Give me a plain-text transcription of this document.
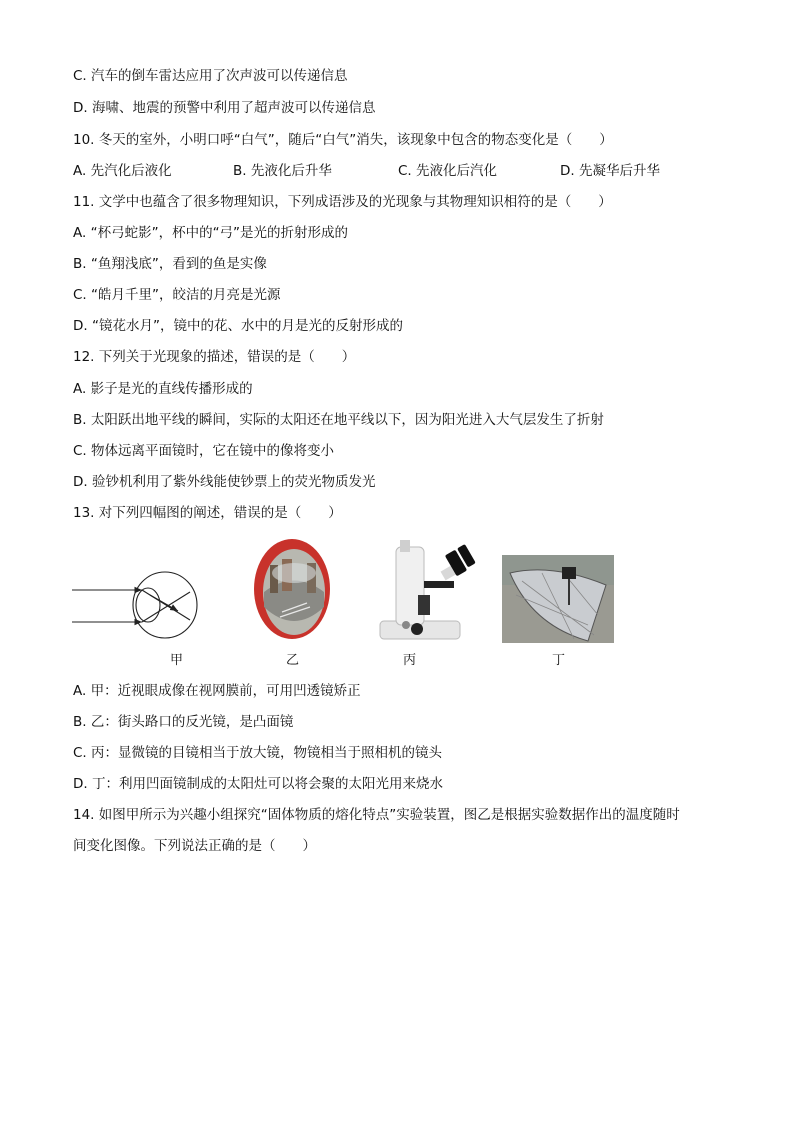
C. 汽车的倒车雷达应用了次声波可以传递信息
D. 海啸、地震的预警中利用了超声波可以传递信息
10. 冬天的室外，小明口呼“白气”，随后“白气”消失，该现象中包含的物态变化是（　　）
A. 先汽化后液化	B. 先液化后升华	C. 先液化后汽化	D. 先凝华后升华
11. 文学中也蕴含了很多物理知识，下列成语涉及的光现象与其物理知识相符的是（　　）
A. “杯弓蛇影”，杯中的“弓”是光的折射形成的
B. “鱼翔浅底”，看到的鱼是实像
C. “皓月千里”，皎洁的月亮是光源
D. “镜花水月”，镜中的花、水中的月是光的反射形成的
12. 下列关于光现象的描述，错误的是（　　）
A. 影子是光的直线传播形成的
B. 太阳跃出地平线的瞬间，实际的太阳还在地平线以下，因为阳光进入大气层发生了折射
C. 物体远离平面镜时，它在镜中的像将变小
D. 验钞机利用了紫外线能使钞票上的荧光物质发光
13. 对下列四幅图的阐述，错误的是（　　）
甲	乙	丙	丁
A. 甲：近视眼成像在视网膜前，可用凹透镜矫正
B. 乙：街头路口的反光镜，是凸面镜
C. 丙：显微镜的目镜相当于放大镜，物镜相当于照相机的镜头
D. 丁：利用凹面镜制成的太阳灶可以将会聚的太阳光用来烧水
14. 如图甲所示为兴趣小组探究“固体物质的熔化特点”实验装置，图乙是根据实验数据作出的温度随时
间变化图像。下列说法正确的是（　　）
